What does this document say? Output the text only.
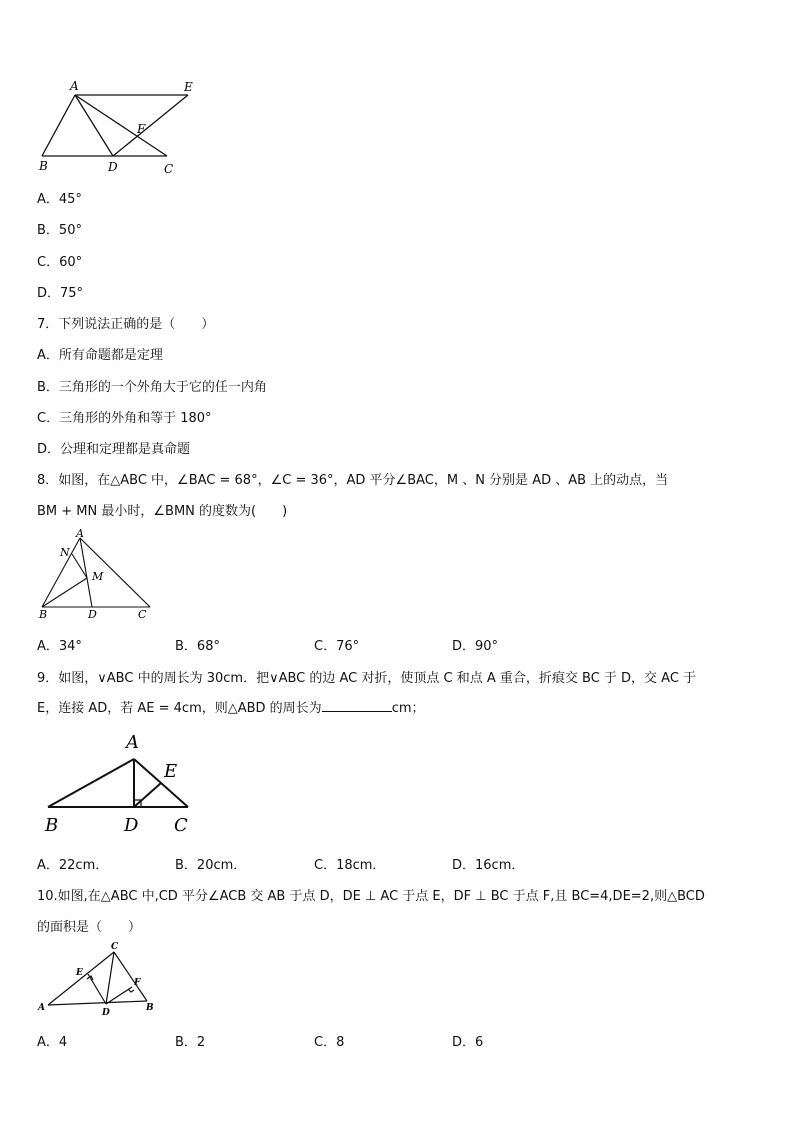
A	E
F
B	D	C
A．45°
B．50°
C．60°
D．75°
7．下列说法正确的是（　　）
A．所有命题都是定理
B．三角形的一个外角大于它的任一内角
C．三角形的外角和等于 180°
D．公理和定理都是真命题
8．如图，在△ABC 中，∠BAC = 68°，∠C = 36°，AD 平分∠BAC，M 、N 分别是 AD 、AB 上的动点，当
BM + MN 最小时，∠BMN 的度数为(　　)
A
N
M
B	D	C
A．34°	B．68°	C．76°	D．90°
9．如图，∨ABC 中的周长为 30cm．把∨ABC 的边 AC 对折，使顶点 C 和点 A 重合，折痕交 BC 于 D，交 AC 于
E，连接 AD，若 AE = 4cm，则△ABD 的周长为	cm；
A
E
B	D C
A．22cm．	B．20cm．	C．18cm．	D．16cm．
10.如图,在△ABC 中,CD 平分∠ACB 交 AB 于点 D，DE ⊥ AC 于点 E，DF ⊥ BC 于点 F,且 BC=4,DE=2,则△BCD
的面积是（　　）
C
E
F
A	D	B
A．4	B．2	C．8	D．6
